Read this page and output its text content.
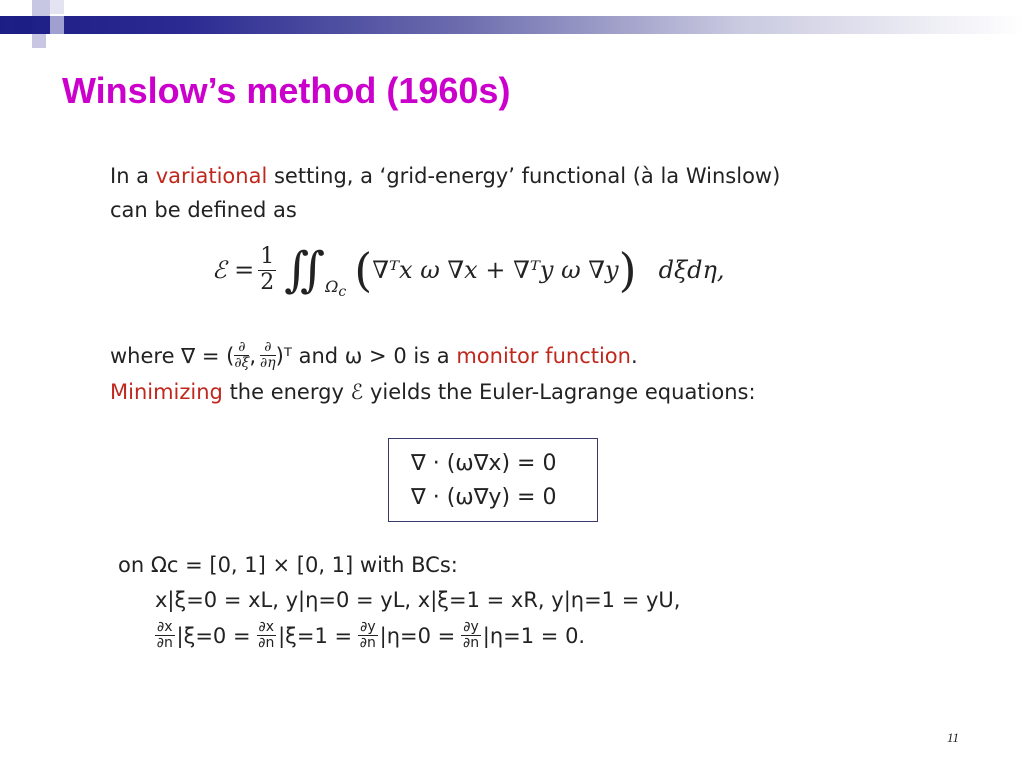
Winslow’s method (1960s)
In a variational setting, a ‘grid-energy’ functional (à la Winslow)
can be defined as
ℰ = $\frac{1}{2}$ ∬ $\Omega_c$ ( ∇ᵀx ω ∇x + ∇ᵀy ω ∇y ) dξdη,
where ∇ = ( $\frac{\partial}{\partial\xi}$ , $\frac{\partial}{\partial\eta}$ )ᵀ and ω > 0 is a monitor function .
Minimizing the energy ℰ yields the Euler-Lagrange equations:
∇ · (ω∇x) = 0
∇ · (ω∇y) = 0
on Ωc = [0, 1] × [0, 1] with BCs:
x|ξ=0 = xL, y|η=0 = yL, x|ξ=1 = xR, y|η=1 = yU,
$\frac{\partial x}{\partial n} |\xi=0 = \frac{\partial x}{\partial n} |\xi=1 = \frac{\partial y}{\partial n} |\eta=0 = \frac{\partial y}{\partial n} |\eta=1 = 0$.
11
